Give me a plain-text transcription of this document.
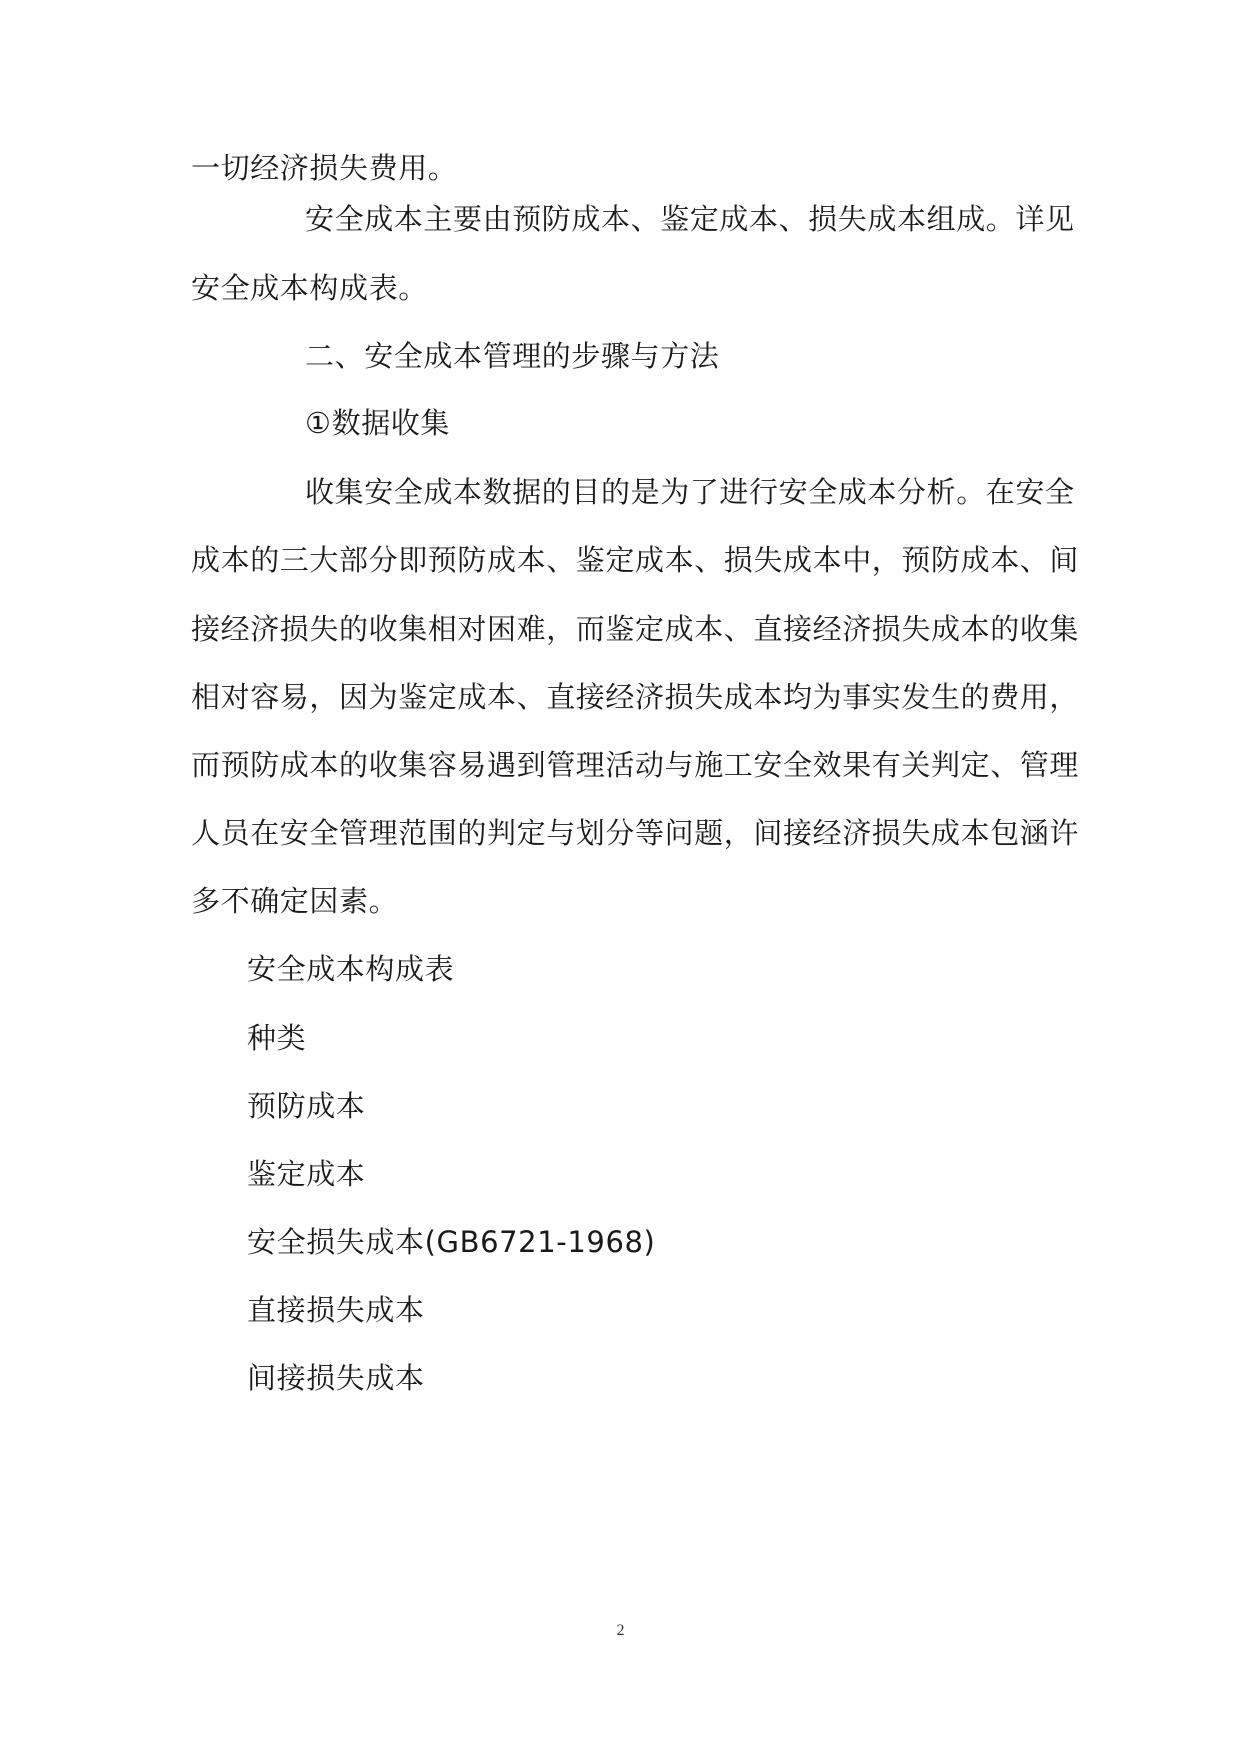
一切经济损失费用。
安全成本主要由预防成本、鉴定成本、损失成本组成。详见
安全成本构成表。
二、安全成本管理的步骤与方法
①数据收集
收集安全成本数据的目的是为了进行安全成本分析。在安全
成本的三大部分即预防成本、鉴定成本、损失成本中，预防成本、间
接经济损失的收集相对困难，而鉴定成本、直接经济损失成本的收集
相对容易，因为鉴定成本、直接经济损失成本均为事实发生的费用，
而预防成本的收集容易遇到管理活动与施工安全效果有关判定、管理
人员在安全管理范围的判定与划分等问题，间接经济损失成本包涵许
多不确定因素。
安全成本构成表
种类
预防成本
鉴定成本
安全损失成本(GB6721-1968)
直接损失成本
间接损失成本
2
